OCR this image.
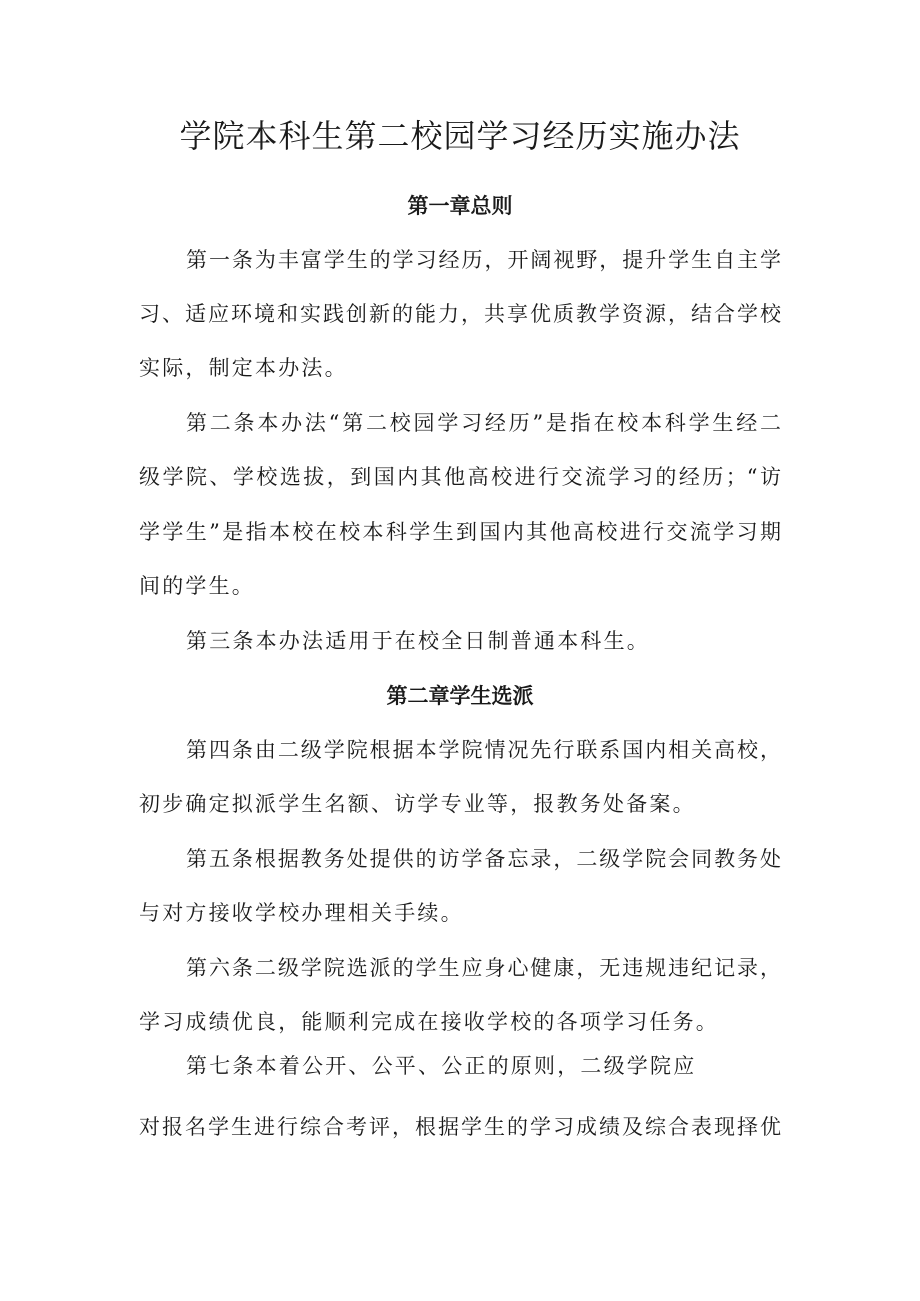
学院本科生第二校园学习经历实施办法
第一章总则
第一条为丰富学生的学习经历，开阔视野，提升学生自主学
习、适应环境和实践创新的能力，共享优质教学资源，结合学校
实际，制定本办法。
第二条本办法“第二校园学习经历”是指在校本科学生经二
级学院、学校选拔，到国内其他高校进行交流学习的经历；“访
学学生”是指本校在校本科学生到国内其他高校进行交流学习期
间的学生。
第三条本办法适用于在校全日制普通本科生。
第二章学生选派
第四条由二级学院根据本学院情况先行联系国内相关高校，
初步确定拟派学生名额、访学专业等，报教务处备案。
第五条根据教务处提供的访学备忘录，二级学院会同教务处
与对方接收学校办理相关手续。
第六条二级学院选派的学生应身心健康，无违规违纪记录，
学习成绩优良，能顺利完成在接收学校的各项学习任务。
第七条本着公开、公平、公正的原则，二级学院应
对报名学生进行综合考评，根据学生的学习成绩及综合表现择优
